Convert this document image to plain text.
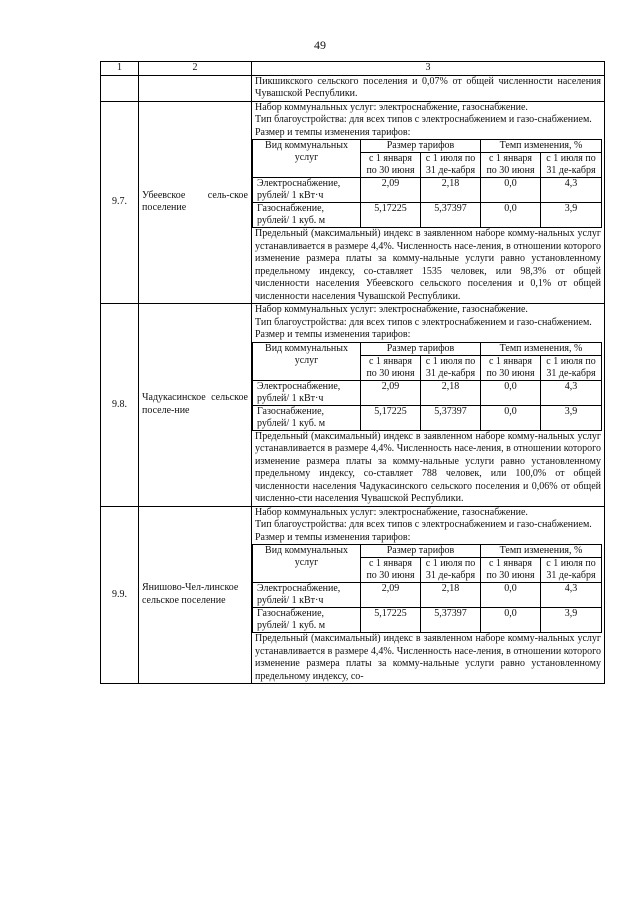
49
1	2	3
		Пикшикского сельского поселения и 0,07% от общей численности населения Чувашской Республики.
9.7.	Убеевское сель-ское поселение	
Набор коммунальных услуг: электроснабжение, газоснабжение.
Тип благоустройства: для всех типов с электроснабжением и газо-снабжением.
Размер и темпы изменения тарифов:
Вид коммунальных услуг	Размер тарифов	Темп изменения, %
с 1 января по 30 июня	с 1 июля по 31 де-кабря	с 1 января по 30 июня	с 1 июля по 31 де-кабря
Электроснабжение, рублей/ 1 кВт·ч	2,09	2,18	0,0	4,3
Газоснабжение, рублей/ 1 куб. м	5,17225	5,37397	0,0	3,9
Предельный (максимальный) индекс в заявленном наборе комму-нальных услуг устанавливается в размере 4,4%. Численность насе-ления, в отношении которого изменение размера платы за комму-нальные услуги равно установленному предельному индексу, со-ставляет 1535 человек, или 98,3% от общей численности населения Убеевского сельского поселения и 0,1% от общей численности населения Чувашской Республики.

9.8.	Чадукасинское сельское поселе-ние	
Набор коммунальных услуг: электроснабжение, газоснабжение.
Тип благоустройства: для всех типов с электроснабжением и газо-снабжением.
Размер и темпы изменения тарифов:
Вид коммунальных услуг	Размер тарифов	Темп изменения, %
с 1 января по 30 июня	с 1 июля по 31 де-кабря	с 1 января по 30 июня	с 1 июля по 31 де-кабря
Электроснабжение, рублей/ 1 кВт·ч	2,09	2,18	0,0	4,3
Газоснабжение, рублей/ 1 куб. м	5,17225	5,37397	0,0	3,9
Предельный (максимальный) индекс в заявленном наборе комму-нальных услуг устанавливается в размере 4,4%. Численность насе-ления, в отношении которого изменение размера платы за комму-нальные услуги равно установленному предельному индексу, со-ставляет 788 человек, или 100,0% от общей численности населения Чадукасинского сельского поселения и 0,06% от общей численно-сти населения Чувашской Республики.

9.9.	Янишово-Чел-линское сельское поселение	
Набор коммунальных услуг: электроснабжение, газоснабжение.
Тип благоустройства: для всех типов с электроснабжением и газо-снабжением.
Размер и темпы изменения тарифов:
Вид коммунальных услуг	Размер тарифов	Темп изменения, %
с 1 января по 30 июня	с 1 июля по 31 де-кабря	с 1 января по 30 июня	с 1 июля по 31 де-кабря
Электроснабжение, рублей/ 1 кВт·ч	2,09	2,18	0,0	4,3
Газоснабжение, рублей/ 1 куб. м	5,17225	5,37397	0,0	3,9
Предельный (максимальный) индекс в заявленном наборе комму-нальных услуг устанавливается в размере 4,4%. Численность насе-ления, в отношении которого изменение размера платы за комму-нальные услуги равно установленному предельному индексу, со-
